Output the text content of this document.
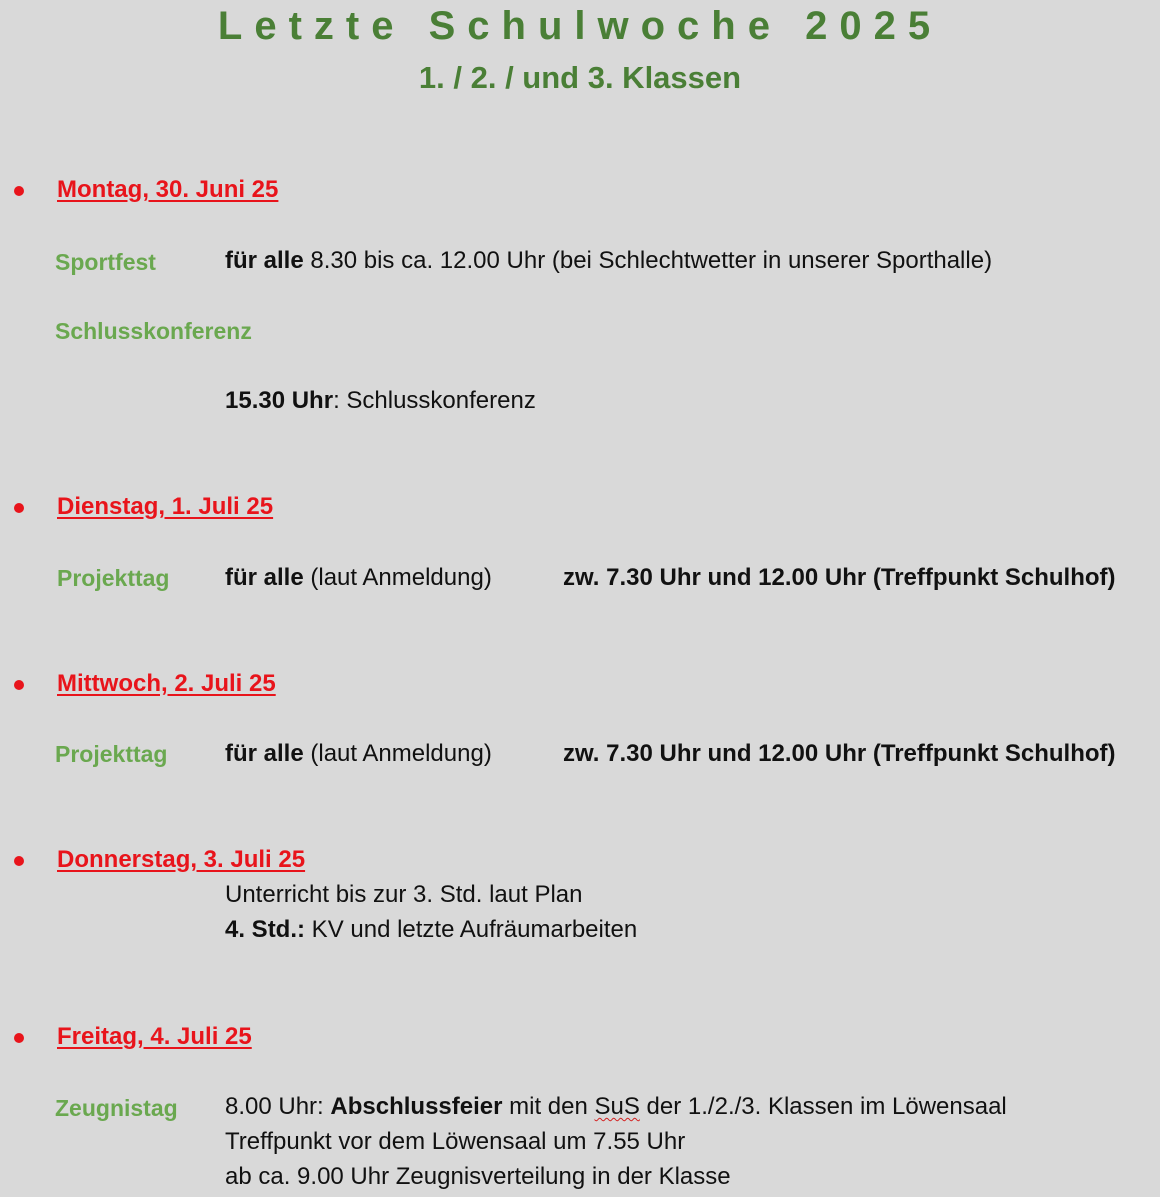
Letzte Schulwoche 2025
1. / 2. / und 3. Klassen
Montag, 30. Juni 25
Sportfest	für alle 8.30 bis ca. 12.00 Uhr (bei Schlechtwetter in unserer Sporthalle)
Schlusskonferenz
15.30 Uhr: Schlusskonferenz
Dienstag, 1. Juli 25
Projekttag für alle (laut Anmeldung)	zw. 7.30 Uhr und 12.00 Uhr (Treffpunkt Schulhof)
Mittwoch, 2. Juli 25
Projekttag für alle (laut Anmeldung)	zw. 7.30 Uhr und 12.00 Uhr (Treffpunkt Schulhof)
Donnerstag, 3. Juli 25
Unterricht bis zur 3. Std. laut Plan
4. Std.: KV und letzte Aufräumarbeiten
Freitag, 4. Juli 25
Zeugnistag 8.00 Uhr: Abschlussfeier mit den SuS der 1./2./3. Klassen im Löwensaal
Treffpunkt vor dem Löwensaal um 7.55 Uhr
ab ca. 9.00 Uhr Zeugnisverteilung in der Klasse
